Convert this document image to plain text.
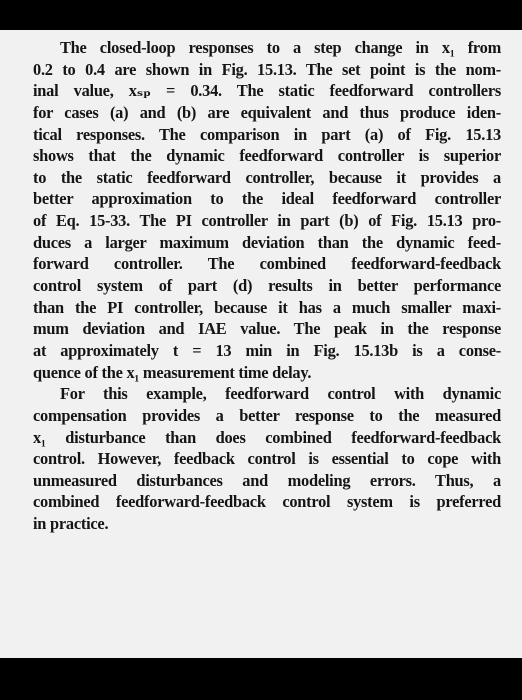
The closed-loop responses to a step change in x₁ from
0.2 to 0.4 are shown in Fig. 15.13. The set point is the nom-
inal value, xₛₚ = 0.34. The static feedforward controllers
for cases (a) and (b) are equivalent and thus produce iden-
tical responses. The comparison in part (a) of Fig. 15.13
shows that the dynamic feedforward controller is superior
to the static feedforward controller, because it provides a
better approximation to the ideal feedforward controller
of Eq. 15-33. The PI controller in part (b) of Fig. 15.13 pro-
duces a larger maximum deviation than the dynamic feed-
forward controller. The combined feedforward-feedback
control system of part (d) results in better performance
than the PI controller, because it has a much smaller maxi-
mum deviation and IAE value. The peak in the response
at approximately t = 13 min in Fig. 15.13b is a conse-
quence of the x₁ measurement time delay.
For this example, feedforward control with dynamic
compensation provides a better response to the measured
x₁ disturbance than does combined feedforward-feedback
control. However, feedback control is essential to cope with
unmeasured disturbances and modeling errors. Thus, a
combined feedforward-feedback control system is preferred
in practice.
